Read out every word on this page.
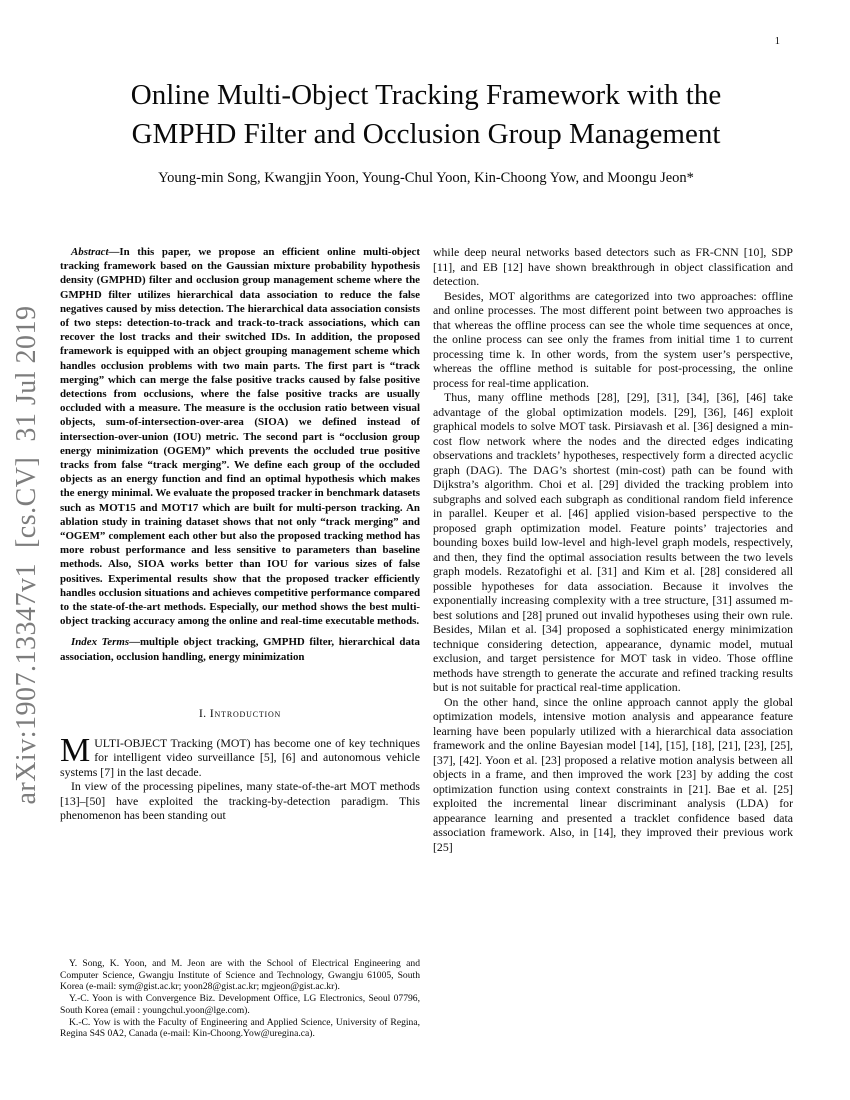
1
arXiv:1907.13347v1  [cs.CV]  31 Jul 2019
Online Multi-Object Tracking Framework with the
GMPHD Filter and Occlusion Group Management
Young-min Song, Kwangjin Yoon, Young-Chul Yoon, Kin-Choong Yow, and Moongu Jeon*

Abstract—In this paper, we propose an efficient online multi-object tracking framework based on the Gaussian mixture probability hypothesis density (GMPHD) filter and occlusion group management scheme where the GMPHD filter utilizes hierarchical data association to reduce the false negatives caused by miss detection. The hierarchical data association consists of two steps: detection-to-track and track-to-track associations, which can recover the lost tracks and their switched IDs. In addition, the proposed framework is equipped with an object grouping management scheme which handles occlusion problems with two main parts. The first part is “track merging” which can merge the false positive tracks caused by false positive detections from occlusions, where the false positive tracks are usually occluded with a measure. The measure is the occlusion ratio between visual objects, sum-of-intersection-over-area (SIOA) we defined instead of intersection-over-union (IOU) metric. The second part is “occlusion group energy minimization (OGEM)” which prevents the occluded true positive tracks from false “track merging”. We define each group of the occluded objects as an energy function and find an optimal hypothesis which makes the energy minimal. We evaluate the proposed tracker in benchmark datasets such as MOT15 and MOT17 which are built for multi-person tracking. An ablation study in training dataset shows that not only “track merging” and “OGEM” complement each other but also the proposed tracking method has more robust performance and less sensitive to parameters than baseline methods. Also, SIOA works better than IOU for various sizes of false positives. Experimental results show that the proposed tracker efficiently handles occlusion situations and achieves competitive performance compared to the state-of-the-art methods. Especially, our method shows the best multi-object tracking accuracy among the online and real-time executable methods.

Index Terms—multiple object tracking, GMPHD filter, hierarchical data association, occlusion handling, energy minimization

I. Introduction

MULTI-OBJECT Tracking (MOT) has become one of key techniques for intelligent video surveillance [5], [6] and autonomous vehicle systems [7] in the last decade.

In view of the processing pipelines, many state-of-the-art MOT methods [13]–[50] have exploited the tracking-by-detection paradigm. This phenomenon has been standing out

Y. Song, K. Yoon, and M. Jeon are with the School of Electrical Engineering and Computer Science, Gwangju Institute of Science and Technology, Gwangju 61005, South Korea (e-mail: sym@gist.ac.kr; yoon28@gist.ac.kr; mgjeon@gist.ac.kr).

Y.-C. Yoon is with Convergence Biz. Development Office, LG Electronics, Seoul 07796, South Korea (email : youngchul.yoon@lge.com).

K.-C. Yow is with the Faculty of Engineering and Applied Science, University of Regina, Regina S4S 0A2, Canada (e-mail: Kin-Choong.Yow@uregina.ca).

while deep neural networks based detectors such as FR-CNN [10], SDP [11], and EB [12] have shown breakthrough in object classification and detection.

Besides, MOT algorithms are categorized into two approaches: offline and online processes. The most different point between two approaches is that whereas the offline process can see the whole time sequences at once, the online process can see only the frames from initial time 1 to current processing time k. In other words, from the system user’s perspective, whereas the offline method is suitable for post-processing, the online process for real-time application.

Thus, many offline methods [28], [29], [31], [34], [36], [46] take advantage of the global optimization models. [29], [36], [46] exploit graphical models to solve MOT task. Pirsiavash et al. [36] designed a min-cost flow network where the nodes and the directed edges indicating observations and tracklets’ hypotheses, respectively form a directed acyclic graph (DAG). The DAG’s shortest (min-cost) path can be found with Dijkstra’s algorithm. Choi et al. [29] divided the tracking problem into subgraphs and solved each subgraph as conditional random field inference in parallel. Keuper et al. [46] applied vision-based perspective to the proposed graph optimization model. Feature points’ trajectories and bounding boxes build low-level and high-level graph models, respectively, and then, they find the optimal association results between the two levels graph models. Rezatofighi et al. [31] and Kim et al. [28] considered all possible hypotheses for data association. Because it involves the exponentially increasing complexity with a tree structure, [31] assumed m-best solutions and [28] pruned out invalid hypotheses using their own rule. Besides, Milan et al. [34] proposed a sophisticated energy minimization technique considering detection, appearance, dynamic model, mutual exclusion, and target persistence for MOT task in video. Those offline methods have strength to generate the accurate and refined tracking results but is not suitable for practical real-time application.

On the other hand, since the online approach cannot apply the global optimization models, intensive motion analysis and appearance feature learning have been popularly utilized with a hierarchical data association framework and the online Bayesian model [14], [15], [18], [21], [23], [25], [37], [42]. Yoon et al. [23] proposed a relative motion analysis between all objects in a frame, and then improved the work [23] by adding the cost optimization function using context constraints in [21]. Bae et al. [25] exploited the incremental linear discriminant analysis (LDA) for appearance learning and presented a tracklet confidence based data association framework. Also, in [14], they improved their previous work [25]
